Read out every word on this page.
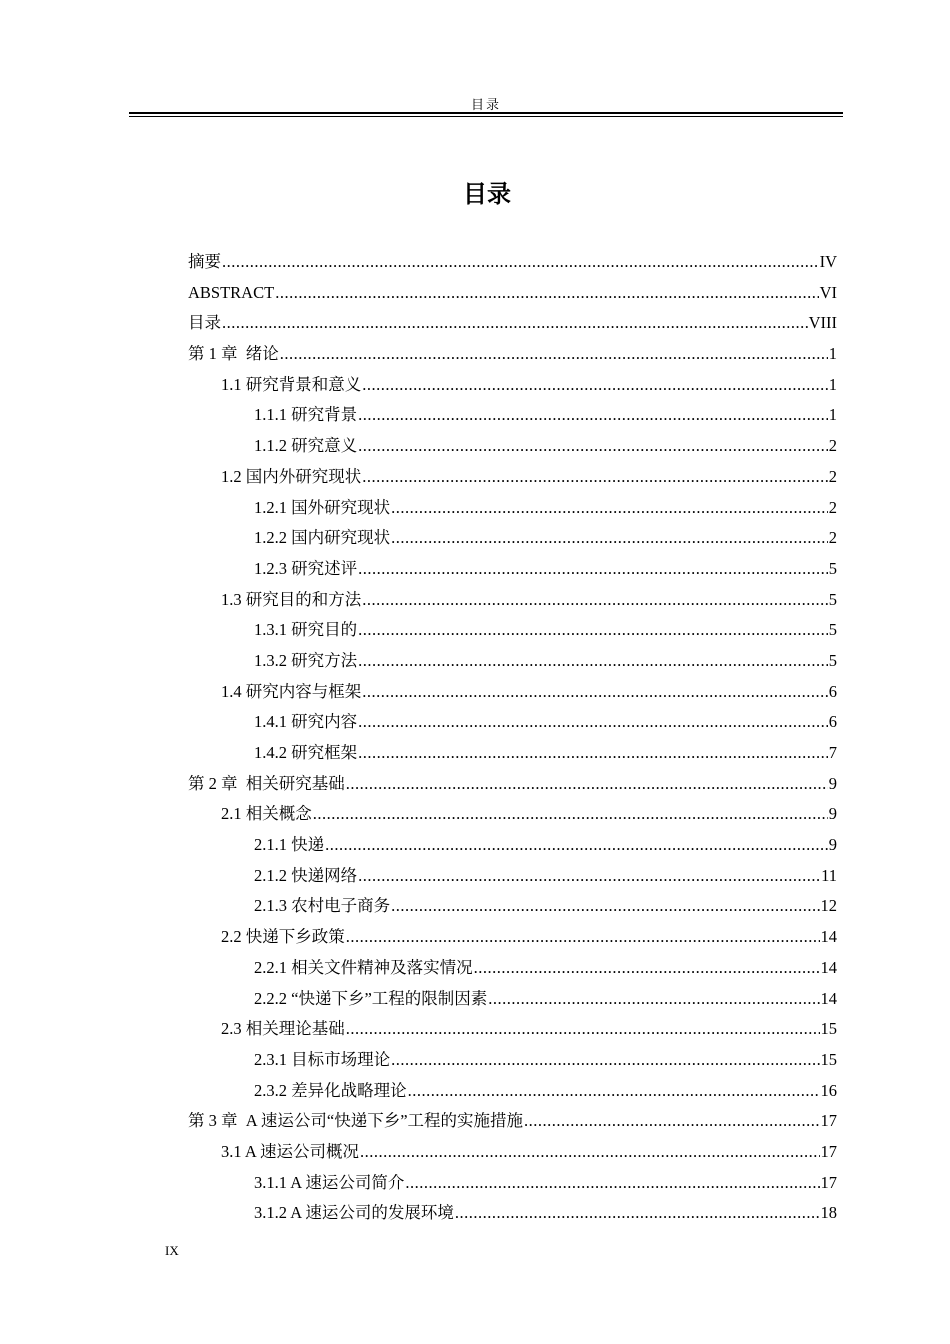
目录
目录
摘要 .....	IV
ABSTRACT .....	VI
目录 .....	VIII
第 1 章  绪论 .....	1
1.1 研究背景和意义 .....	1
1.1.1 研究背景 .....	1
1.1.2 研究意义 .....	2
1.2 国内外研究现状 .....	2
1.2.1 国外研究现状 .....	2
1.2.2 国内研究现状 .....	2
1.2.3 研究述评 .....	5
1.3 研究目的和方法 .....	5
1.3.1 研究目的 .....	5
1.3.2 研究方法 .....	5
1.4 研究内容与框架 .....	6
1.4.1 研究内容 .....	6
1.4.2 研究框架 .....	7
第 2 章  相关研究基础 .....	9
2.1 相关概念 .....	9
2.1.1 快递 .....	9
2.1.2 快递网络 .....	11
2.1.3 农村电子商务 .....	12
2.2 快递下乡政策 .....	14
2.2.1 相关文件精神及落实情况 .....	14
2.2.2 “快递下乡”工程的限制因素 .....	14
2.3 相关理论基础 .....	15
2.3.1 目标市场理论 .....	15
2.3.2 差异化战略理论 .....	16
第 3 章  A 速运公司“快递下乡”工程的实施措施 .....	17
3.1 A 速运公司概况 .....	17
3.1.1 A 速运公司简介 .....	17
3.1.2 A 速运公司的发展环境 .....	18
IX
